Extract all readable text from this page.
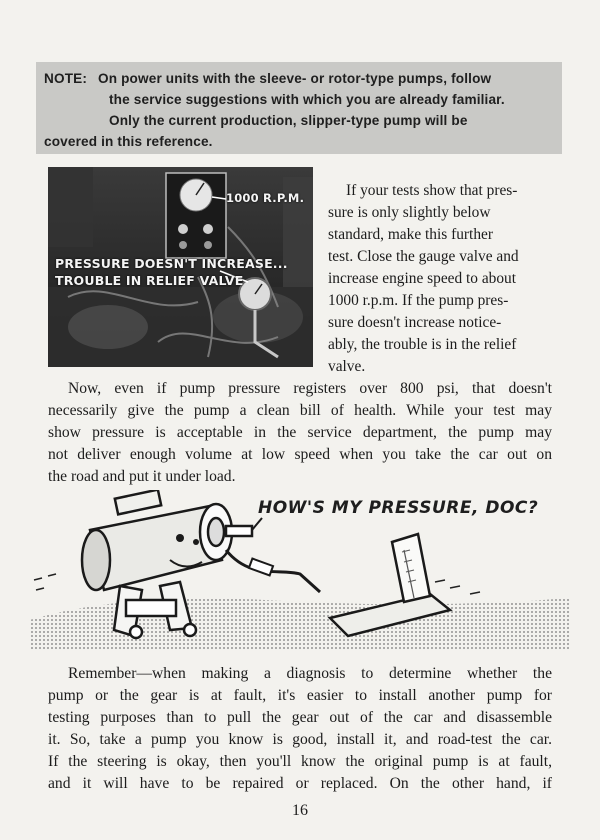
NOTE: On power units with the sleeve- or rotor-type pumps, follow
the service suggestions with which you are already familiar.
Only the current production, slipper-type pump will be
covered in this reference.
1000 R.P.M.
PRESSURE DOESN'T INCREASE...
TROUBLE IN RELIEF VALVE
If your tests show that pres-
sure is only slightly below
standard, make this further
test. Close the gauge valve and
increase engine speed to about
1000 r.p.m. If the pump pres-
sure doesn't increase notice-
ably, the trouble is in the relief
valve.
Now, even if pump pressure registers over 800 psi, that doesn't
necessarily give the pump a clean bill of health. While your test may
show pressure is acceptable in the service department, the pump may
not deliver enough volume at low speed when you take the car out on
the road and put it under load.
HOW'S MY PRESSURE, DOC?
Remember—when making a diagnosis to determine whether the
pump or the gear is at fault, it's easier to install another pump for
testing purposes than to pull the gear out of the car and disassemble
it. So, take a pump you know is good, install it, and road-test the car.
If the steering is okay, then you'll know the original pump is at fault,
and it will have to be repaired or replaced. On the other hand, if
16
